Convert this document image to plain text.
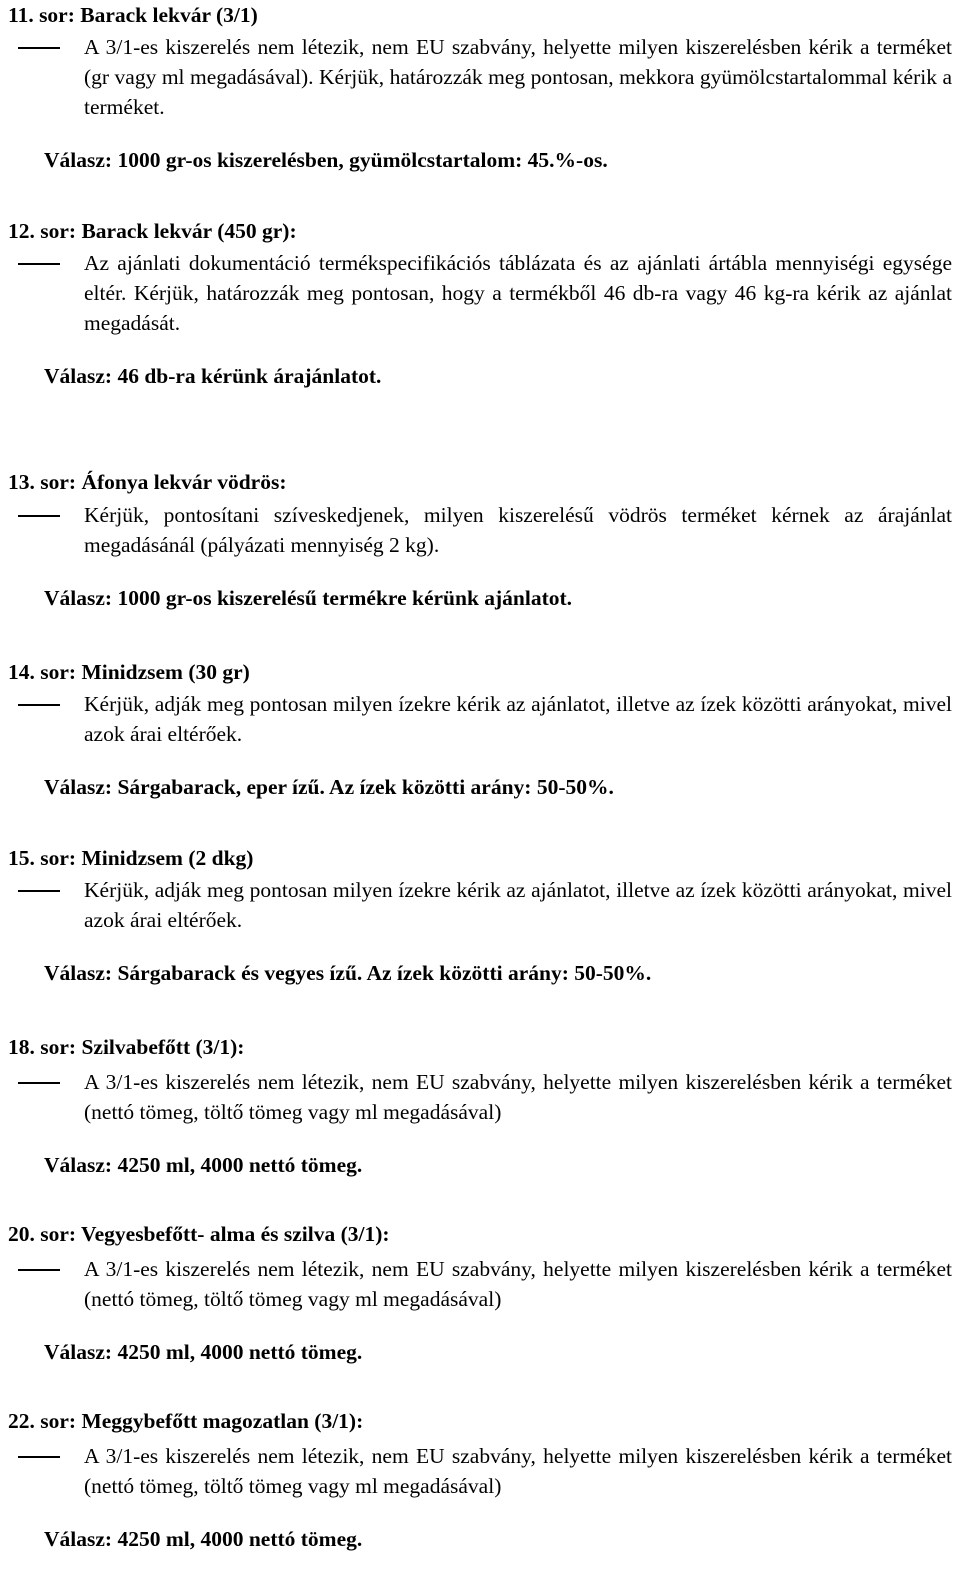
11. sor: Barack lekvár (3/1)
A 3/1-es kiszerelés nem létezik, nem EU szabvány, helyette milyen kiszerelésben kérik a terméket (gr vagy ml megadásával). Kérjük, határozzák meg pontosan, mekkora gyümölcstartalommal kérik a terméket.
Válasz: 1000 gr-os kiszerelésben, gyümölcstartalom: 45.%-os.
12. sor: Barack lekvár (450 gr):
Az ajánlati dokumentáció termékspecifikációs táblázata és az ajánlati ártábla mennyiségi egysége eltér. Kérjük, határozzák meg pontosan, hogy a termékből 46 db-ra vagy 46 kg-ra kérik az ajánlat megadását.
Válasz: 46 db-ra kérünk árajánlatot.
13. sor: Áfonya lekvár vödrös:
Kérjük, pontosítani szíveskedjenek, milyen kiszerelésű vödrös terméket kérnek az árajánlat megadásánál (pályázati mennyiség 2 kg).
Válasz: 1000 gr-os kiszerelésű termékre kérünk ajánlatot.
14. sor: Minidzsem (30 gr)
Kérjük, adják meg pontosan milyen ízekre kérik az ajánlatot, illetve az ízek közötti arányokat, mivel azok árai eltérőek.
Válasz: Sárgabarack, eper ízű. Az ízek közötti arány: 50-50%.
15. sor: Minidzsem (2 dkg)
Kérjük, adják meg pontosan milyen ízekre kérik az ajánlatot, illetve az ízek közötti arányokat, mivel azok árai eltérőek.
Válasz: Sárgabarack és vegyes ízű. Az ízek közötti arány: 50-50%.
18. sor: Szilvabefőtt (3/1):
A 3/1-es kiszerelés nem létezik, nem EU szabvány, helyette milyen kiszerelésben kérik a terméket (nettó tömeg, töltő tömeg vagy ml megadásával)
Válasz: 4250 ml, 4000 nettó tömeg.
20. sor: Vegyesbefőtt- alma és szilva (3/1):
A 3/1-es kiszerelés nem létezik, nem EU szabvány, helyette milyen kiszerelésben kérik a terméket (nettó tömeg, töltő tömeg vagy ml megadásával)
Válasz: 4250 ml, 4000 nettó tömeg.
22. sor: Meggybefőtt magozatlan (3/1):
A 3/1-es kiszerelés nem létezik, nem EU szabvány, helyette milyen kiszerelésben kérik a terméket (nettó tömeg, töltő tömeg vagy ml megadásával)
Válasz: 4250 ml, 4000 nettó tömeg.
